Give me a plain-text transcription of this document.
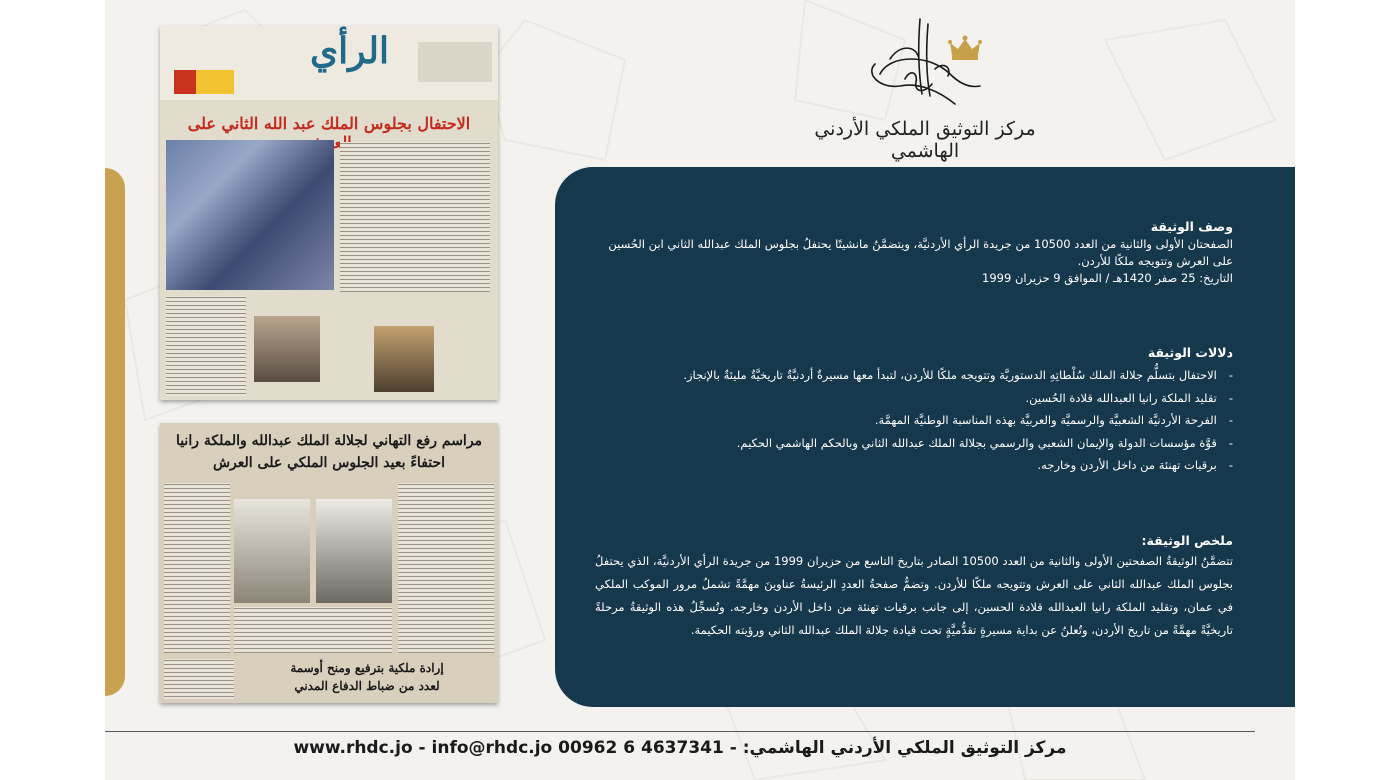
مركز التوثيق الملكي الأردني الهاشمي
الرأي
الاحتفال بجلوس الملك عبد الله الثاني على
مراسم رفع التهاني لجلالة الملك عبدالله والملكة رانيا
احتفاءً بعيد الجلوس الملكي على العرش
إرادة ملكية بترفيع ومنح أوسمة
لعدد من ضباط الدفاع المدني
وصف الوثيقة
الصفحتان الأولى والثانية من العدد 10500 من جريدة الرأي الأردنيَّة، ويتضمَّنُ مانشيتًا يحتفلُ بجلوس الملك عبدالله الثاني ابن الحُسين
على العرش وتتويجه ملكًا للأردن.
التاريخ: 25 صفر 1420هـ / الموافق 9 حزيران 1999
دلالات الوثيقة
- الاحتفال بتسلُّم جلالة الملك سُلْطاتِهِ الدستوريَّة وتتويجه ملكًا للأردن، لتبدأ معها مسيرةٌ أردنيَّةٌ تاريخيَّةٌ مليئةٌ بالإنجاز.
- تقليد الملكة رانيا العبدالله قلادة الحُسين.
- الفرحة الأردنيَّة الشعبيَّة والرسميَّة والعربيَّة بهذه المناسبة الوطنيَّة المهمَّة.
- قوَّة مؤسسات الدولة والإيمان الشعبي والرسمي بجلالة الملك عبدالله الثاني وبالحكم الهاشمي الحكيم.
- برقيات تهنئة من داخل الأردن وخارجه.
ملخص الوثيقة:
تتضمَّنُ الوثيقةُ الصفحتين الأولى والثانية من العدد 10500 الصادر بتاريخ التاسع من حزيران 1999 من جريدة الرأي الأردنيَّة، الذي يحتفلُ بجلوس الملك عبدالله الثاني على العرش وتتويجه ملكًا للأردن. وتضمُّ صفحةُ العددِ الرئيسةُ عناوينَ مهمَّةً تشملُ مرور الموكب الملكي في عمان، وتقليد الملكة رانيا العبدالله قلادة الحسين، إلى جانب برقيات تهنئة من داخل الأردن وخارجه. وتُسجِّلُ هذه الوثيقةُ مرحلةً تاريخيَّةً مهمَّةً من تاريخ الأردن، وتُعلنُ عن بداية مسيرةٍ تقدُّميَّةٍ تحت قيادة جلالة الملك عبدالله الثاني ورؤيته الحكيمة.
مركز التوثيق الملكي الأردني الهاشمي: - 4637341 6 00962 www.rhdc.jo - info@rhdc.jo
